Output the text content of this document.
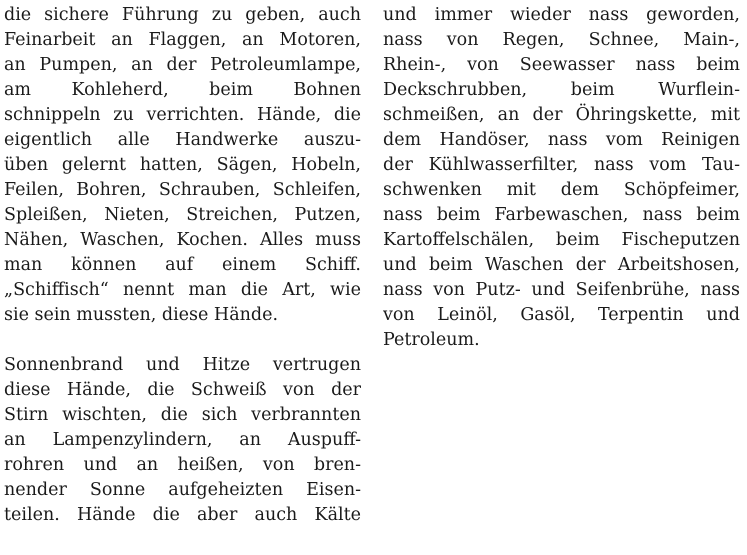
die sichere Führung zu geben, auch
Feinarbeit an Flaggen, an Motoren,
an Pumpen, an der Petroleumlampe,
am Kohleherd, beim Bohnen
schnippeln zu verrichten. Hände, die
eigentlich alle Handwerke auszu-
üben gelernt hatten, Sägen, Hobeln,
Feilen, Bohren, Schrauben, Schleifen,
Spleißen, Nieten, Streichen, Putzen,
Nähen, Waschen, Kochen. Alles muss
man können auf einem Schiff.
„Schiffisch“ nennt man die Art, wie
sie sein mussten, diese Hände.
Sonnenbrand und Hitze vertrugen
diese Hände, die Schweiß von der
Stirn wischten, die sich verbrannten
an Lampenzylindern, an Auspuff-
rohren und an heißen, von bren-
nender Sonne aufgeheizten Eisen-
teilen. Hände die aber auch Kälte
und immer wieder nass geworden,
nass von Regen, Schnee, Main-,
Rhein-, von Seewasser nass beim
Deckschrubben, beim Wurflein-
schmeißen, an der Öhringskette, mit
dem Handöser, nass vom Reinigen
der Kühlwasserfilter, nass vom Tau-
schwenken mit dem Schöpfeimer,
nass beim Farbewaschen, nass beim
Kartoffelschälen, beim Fischeputzen
und beim Waschen der Arbeitshosen,
nass von Putz- und Seifenbrühe, nass
von Leinöl, Gasöl, Terpentin und
Petroleum.
